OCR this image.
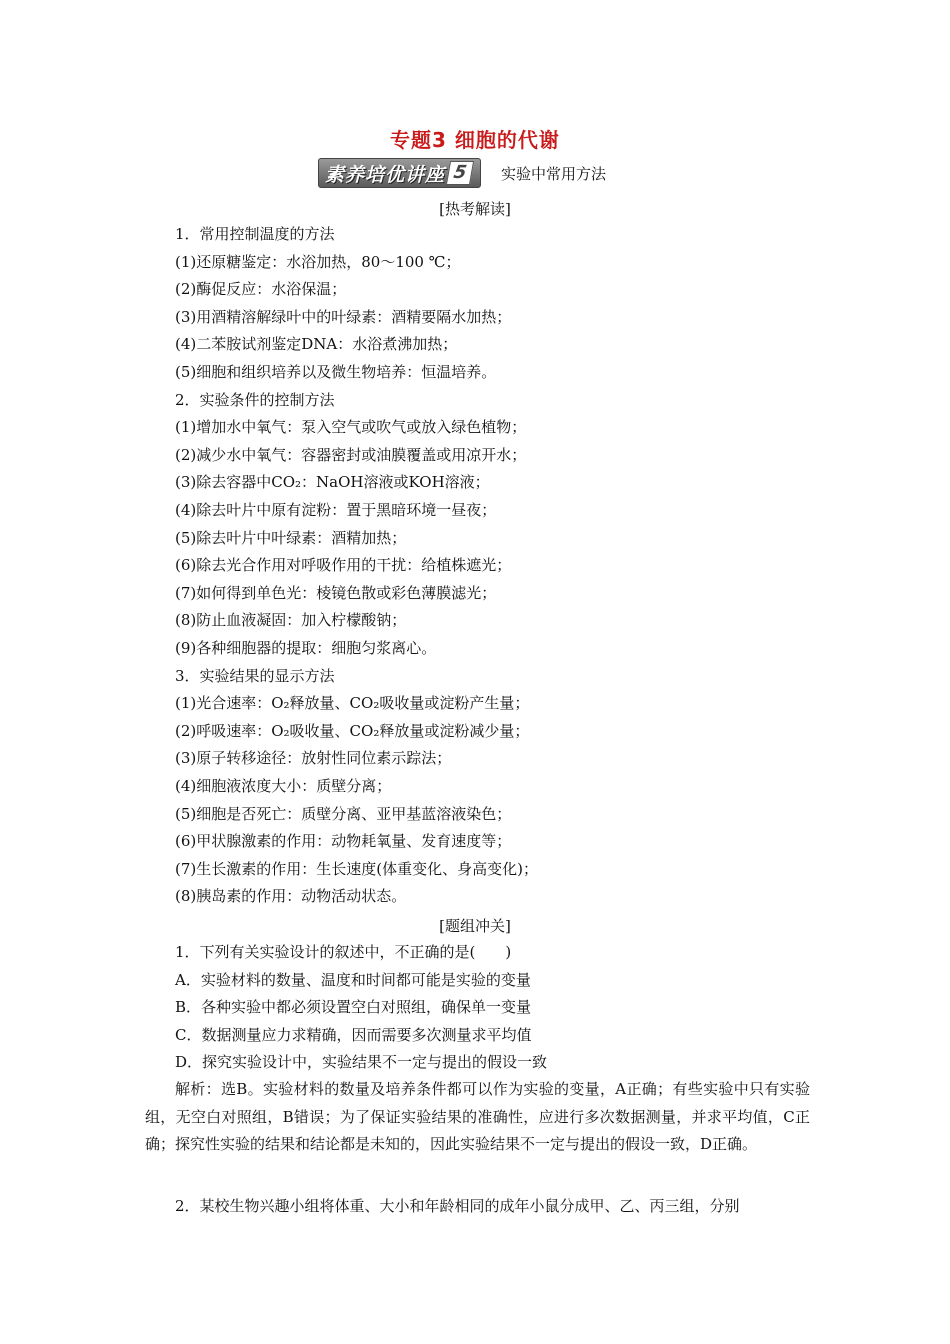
专题3 细胞的代谢
素养培优讲座 5	实验中常用方法
[热考解读]
1．常用控制温度的方法
(1)还原糖鉴定：水浴加热，80～100 ℃；
(2)酶促反应：水浴保温；
(3)用酒精溶解绿叶中的叶绿素：酒精要隔水加热；
(4)二苯胺试剂鉴定DNA：水浴煮沸加热；
(5)细胞和组织培养以及微生物培养：恒温培养。
2．实验条件的控制方法
(1)增加水中氧气：泵入空气或吹气或放入绿色植物；
(2)减少水中氧气：容器密封或油膜覆盖或用凉开水；
(3)除去容器中CO₂：NaOH溶液或KOH溶液；
(4)除去叶片中原有淀粉：置于黑暗环境一昼夜；
(5)除去叶片中叶绿素：酒精加热；
(6)除去光合作用对呼吸作用的干扰：给植株遮光；
(7)如何得到单色光：棱镜色散或彩色薄膜滤光；
(8)防止血液凝固：加入柠檬酸钠；
(9)各种细胞器的提取：细胞匀浆离心。
3．实验结果的显示方法
(1)光合速率：O₂释放量、CO₂吸收量或淀粉产生量；
(2)呼吸速率：O₂吸收量、CO₂释放量或淀粉减少量；
(3)原子转移途径：放射性同位素示踪法；
(4)细胞液浓度大小：质壁分离；
(5)细胞是否死亡：质壁分离、亚甲基蓝溶液染色；
(6)甲状腺激素的作用：动物耗氧量、发育速度等；
(7)生长激素的作用：生长速度(体重变化、身高变化)；
(8)胰岛素的作用：动物活动状态。
[题组冲关]
1．下列有关实验设计的叙述中，不正确的是(　　)
A．实验材料的数量、温度和时间都可能是实验的变量
B．各种实验中都必须设置空白对照组，确保单一变量
C．数据测量应力求精确，因而需要多次测量求平均值
D．探究实验设计中，实验结果不一定与提出的假设一致
解析：选B。实验材料的数量及培养条件都可以作为实验的变量，A正确；有些实验中只有实验组，无空白对照组，B错误；为了保证实验结果的准确性，应进行多次数据测量，并求平均值，C正确；探究性实验的结果和结论都是未知的，因此实验结果不一定与提出的假设一致，D正确。
2．某校生物兴趣小组将体重、大小和年龄相同的成年小鼠分成甲、乙、丙三组，分别
